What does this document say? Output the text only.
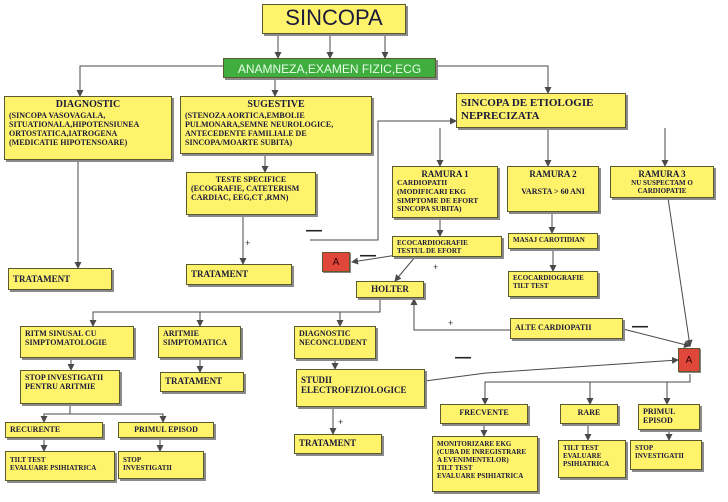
SINCOPA
ANAMNEZA,EXAMEN FIZIC,ECG
DIAGNOSTIC
(SINCOPA VASOVAGALA,
SITUATIONALA,HIPOTENSIUNEA
ORTOSTATICA,IATROGENA
(MEDICATIE HIPOTENSOARE)
SUGESTIVE
(STENOZA AORTICA,EMBOLIE
PULMONARA,SEMNE NEUROLOGICE,
ANTECEDENTE FAMILIALE DE
SINCOPA/MOARTE SUBITA)
SINCOPA DE ETIOLOGIE
NEPRECIZATA
TESTE SPECIFICE
(ECOGRAFIE, CATETERISM
CARDIAC, EEG,CT ,RMN)
RAMURA 1
CARDIOPATII
(MODIFICARI EKG
SIMPTOME DE EFORT
SINCOPA SUBITA)
RAMURA 2
VARSTA > 60 ANI
RAMURA 3
NU SUSPECTAM O
CARDIOPATIE
ECOCARDIOGRAFIE
TESTUL DE EFORT
MASAJ CAROTIDIAN
ECOCARDIOGRAFIE
TILT TEST
TRATAMENT	TRATAMENT
A
A
HOLTER
ALTE CARDIOPATII
RITM SINUSAL CU
SIMPTOMATOLOGIE
ARITMIE
SIMPTOMATICA
DIAGNOSTIC
NECONCLUDENT
STOP INVESTIGATII
PENTRU ARITMIE
TRATAMENT	STUDII
ELECTROFIZIOLOGICE
RECURENTE	PRIMUL EPISOD
TILT TEST
EVALUARE PSIHIATRICA
STOP
INVESTIGATII
TRATAMENT
FRECVENTE	RARE	PRIMUL
EPISOD
MONITORIZARE EKG
(CUBA DE INREGISTRARE
A EVENIMENTELOR)
TILT TEST
EVALUARE PSIHIATRICA
TILT TEST
EVALUARE
PSIHIATRICA
STOP
INVESTIGATII
+
—
—
+
+	—
—
+
